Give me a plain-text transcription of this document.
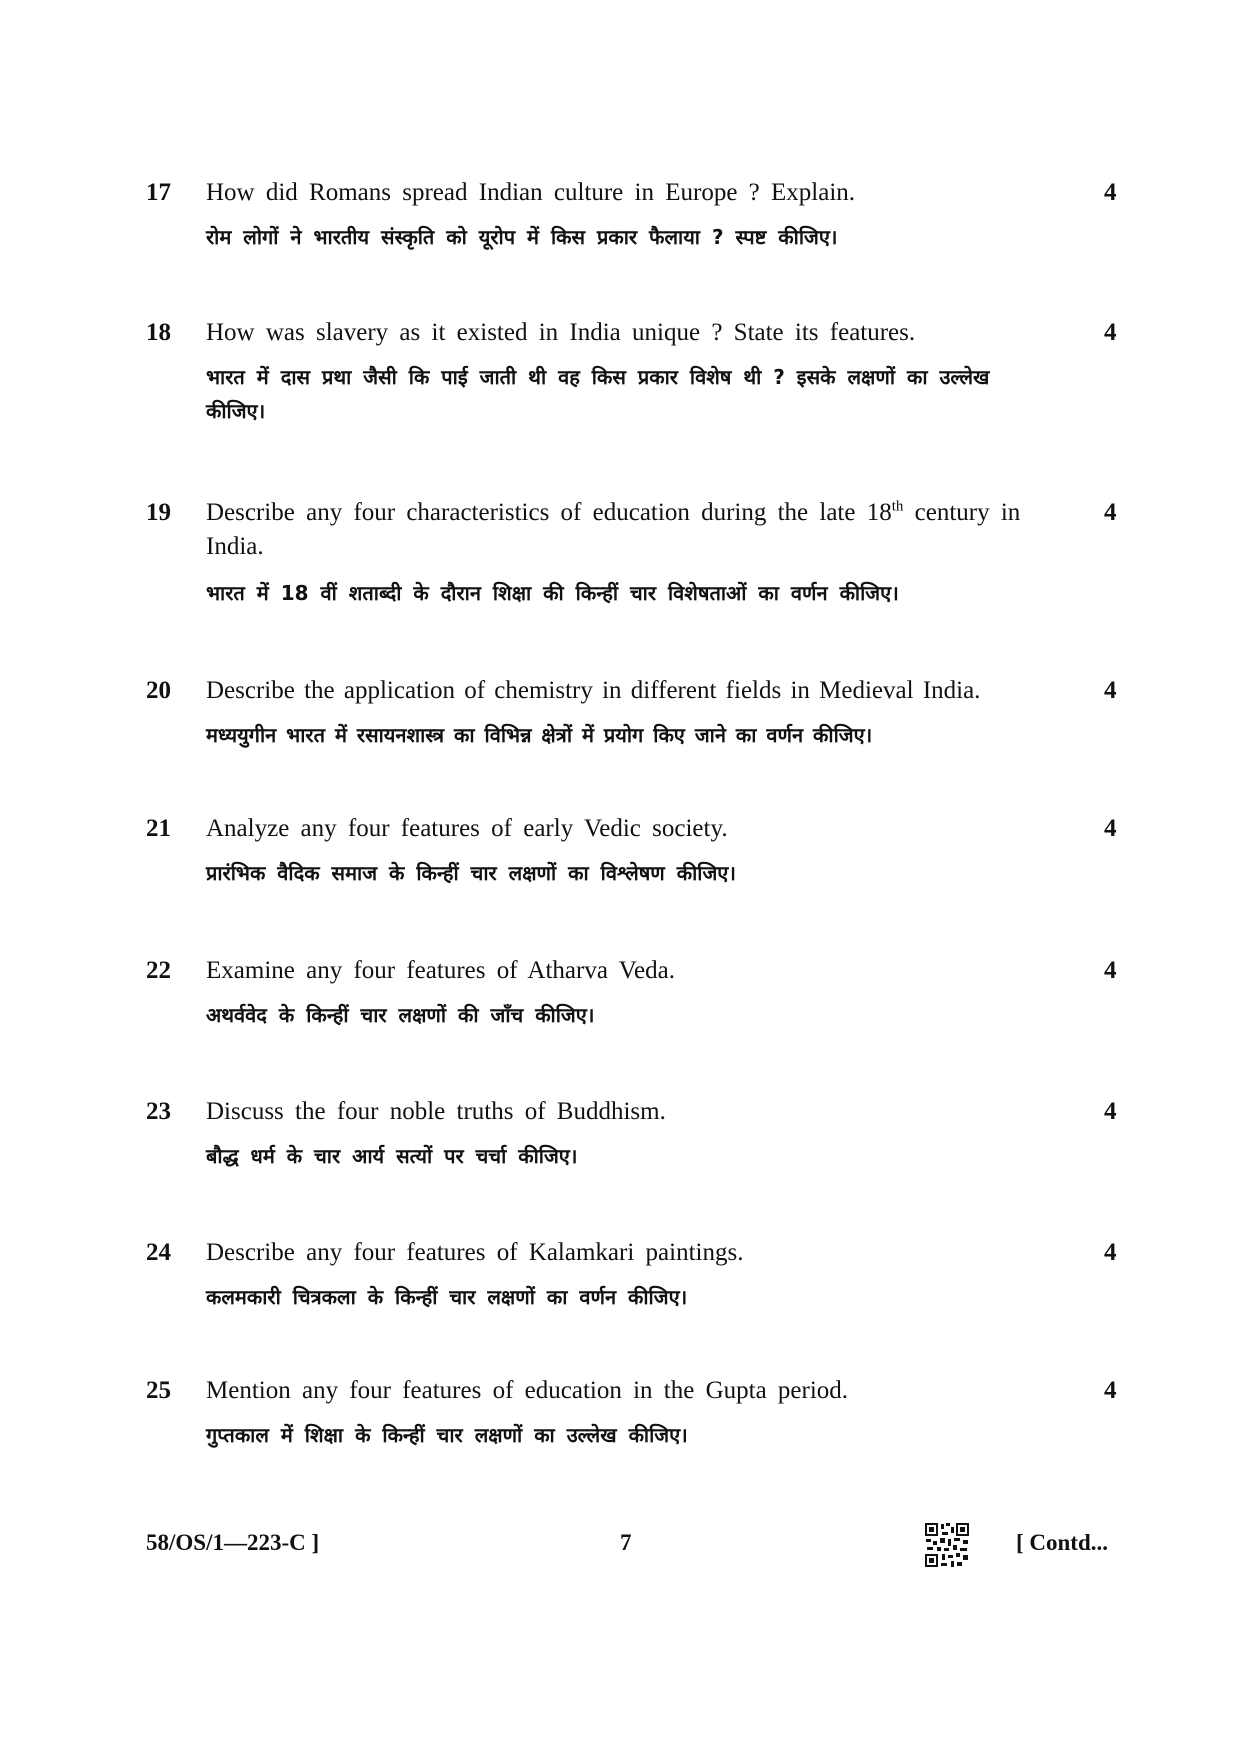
17 How did Romans spread Indian culture in Europe ? Explain.
रोम लोगों ने भारतीय संस्कृति को यूरोप में किस प्रकार फैलाया ? स्पष्ट कीजिए।
4
18 How was slavery as it existed in India unique ? State its features.
भारत में दास प्रथा जैसी कि पाई जाती थी वह किस प्रकार विशेष थी ? इसके लक्षणों का उल्लेख कीजिए।
4
19 Describe any four characteristics of education during the late 18th century in India.
भारत में 18 वीं शताब्दी के दौरान शिक्षा की किन्हीं चार विशेषताओं का वर्णन कीजिए।
4
20 Describe the application of chemistry in different fields in Medieval India.
मध्ययुगीन भारत में रसायनशास्त्र का विभिन्न क्षेत्रों में प्रयोग किए जाने का वर्णन कीजिए।
4
21 Analyze any four features of early Vedic society.
प्रारंभिक वैदिक समाज के किन्हीं चार लक्षणों का विश्लेषण कीजिए।
4
22 Examine any four features of Atharva Veda.
अथर्ववेद के किन्हीं चार लक्षणों की जाँच कीजिए।
4
23 Discuss the four noble truths of Buddhism.
बौद्ध धर्म के चार आर्य सत्यों पर चर्चा कीजिए।
4
24 Describe any four features of Kalamkari paintings.
कलमकारी चित्रकला के किन्हीं चार लक्षणों का वर्णन कीजिए।
4
25 Mention any four features of education in the Gupta period.
गुप्तकाल में शिक्षा के किन्हीं चार लक्षणों का उल्लेख कीजिए।
4
58/OS/1—223-C ]	7	[ Contd...
